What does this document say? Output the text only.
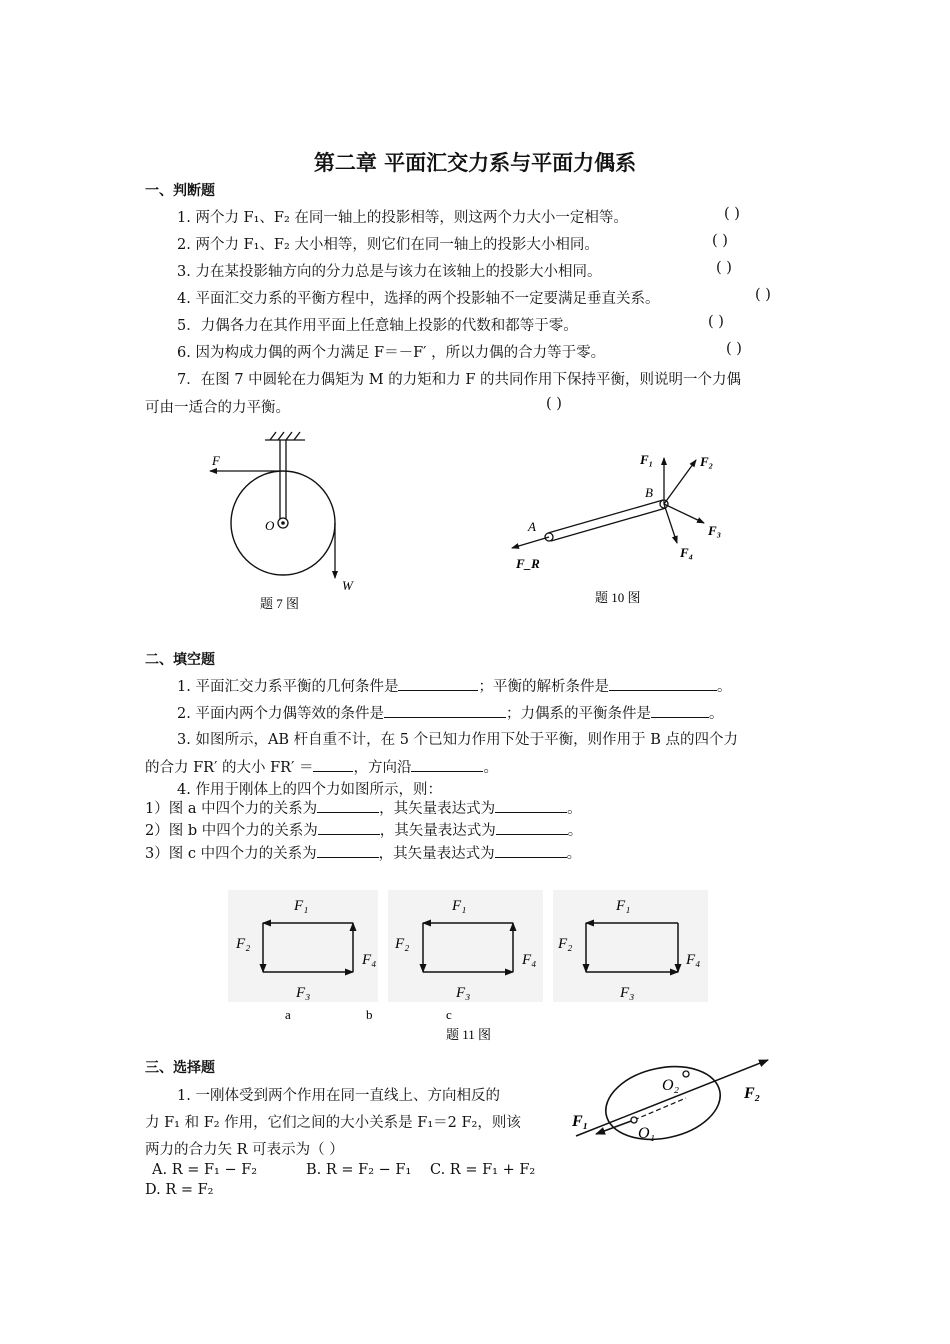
第二章 平面汇交力系与平面力偶系
一、判断题
1. 两个力 F₁、F₂ 在同一轴上的投影相等，则这两个力大小一定相等。	( )
2. 两个力 F₁、F₂ 大小相等，则它们在同一轴上的投影大小相同。	( )
3. 力在某投影轴方向的分力总是与该力在该轴上的投影大小相同。	( )
4. 平面汇交力系的平衡方程中，选择的两个投影轴不一定要满足垂直关系。	( )
5．力偶各力在其作用平面上任意轴上投影的代数和都等于零。	( )
6. 因为构成力偶的两个力满足 F＝－F′ ，所以力偶的合力等于零。	( )
7．在图 7 中圆轮在力偶矩为 M 的力矩和力 F 的共同作用下保持平衡，则说明一个力偶
可由一适合的力平衡。	( )
F
O
W
题 7 图
A
B
F₁	F₂
F₃
F₄
F_R
题 10 图
二、填空题
1. 平面汇交力系平衡的几何条件是	；平衡的解析条件是	。
2. 平面内两个力偶等效的条件是	；力偶系的平衡条件是	。
3. 如图所示，AB 杆自重不计，在 5 个已知力作用下处于平衡，则作用于 B 点的四个力
的合力 FR′ 的大小 FR′ ＝	，方向沿	。
4. 作用于刚体上的四个力如图所示，则：
1）图 a 中四个力的关系为	，其矢量表达式为	。
2）图 b 中四个力的关系为	，其矢量表达式为	。
3）图 c 中四个力的关系为	，其矢量表达式为	。
F₁
F₂
F₄
F₃
F₁
F₂
F₄
F₃
F₁
F₂
F₄
F₃
a	b	c
题 11 图
三、选择题
1. 一刚体受到两个作用在同一直线上、方向相反的
力 F₁ 和 F₂ 作用，它们之间的大小关系是 F₁＝2 F₂，则该
两力的合力矢 R 可表示为（ ）
A. R = F₁ − F₂	B. R = F₂ − F₁ C. R = F₁ + F₂
D. R = F₂
O₂
O₁
F₁
F₂
